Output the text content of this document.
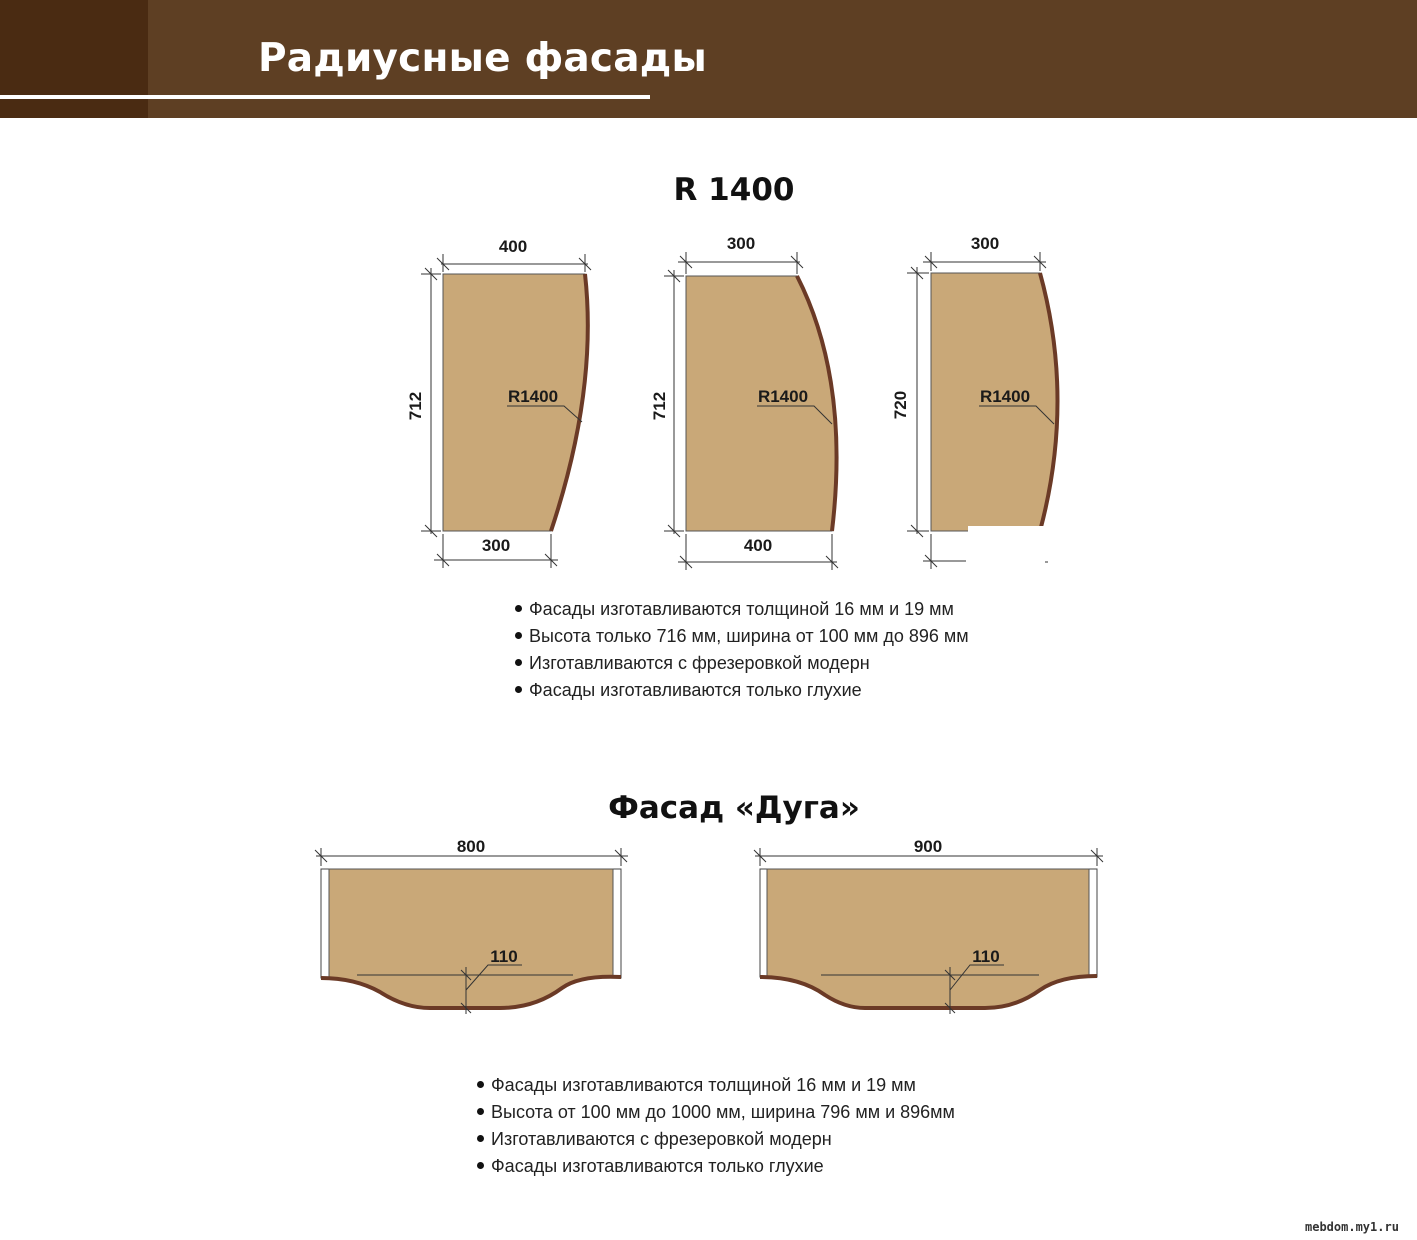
Радиусные фасады
R 1400
400
712
300
R1400
300
712
400
R1400
300
720	R1400
Фасады изготавливаются толщиной 16 мм и 19 мм
Высота только 716 мм, ширина от 100 мм до 896 мм
Изготавливаются с фрезеровкой модерн
Фасады изготавливаются только глухие
Фасад «Дуга»
110
800
110
900
Фасады изготавливаются толщиной 16 мм и 19 мм
Высота от 100 мм до 1000 мм, ширина 796 мм и 896мм
Изготавливаются с фрезеровкой модерн
Фасады изготавливаются только глухие
mebdom.my1.ru
